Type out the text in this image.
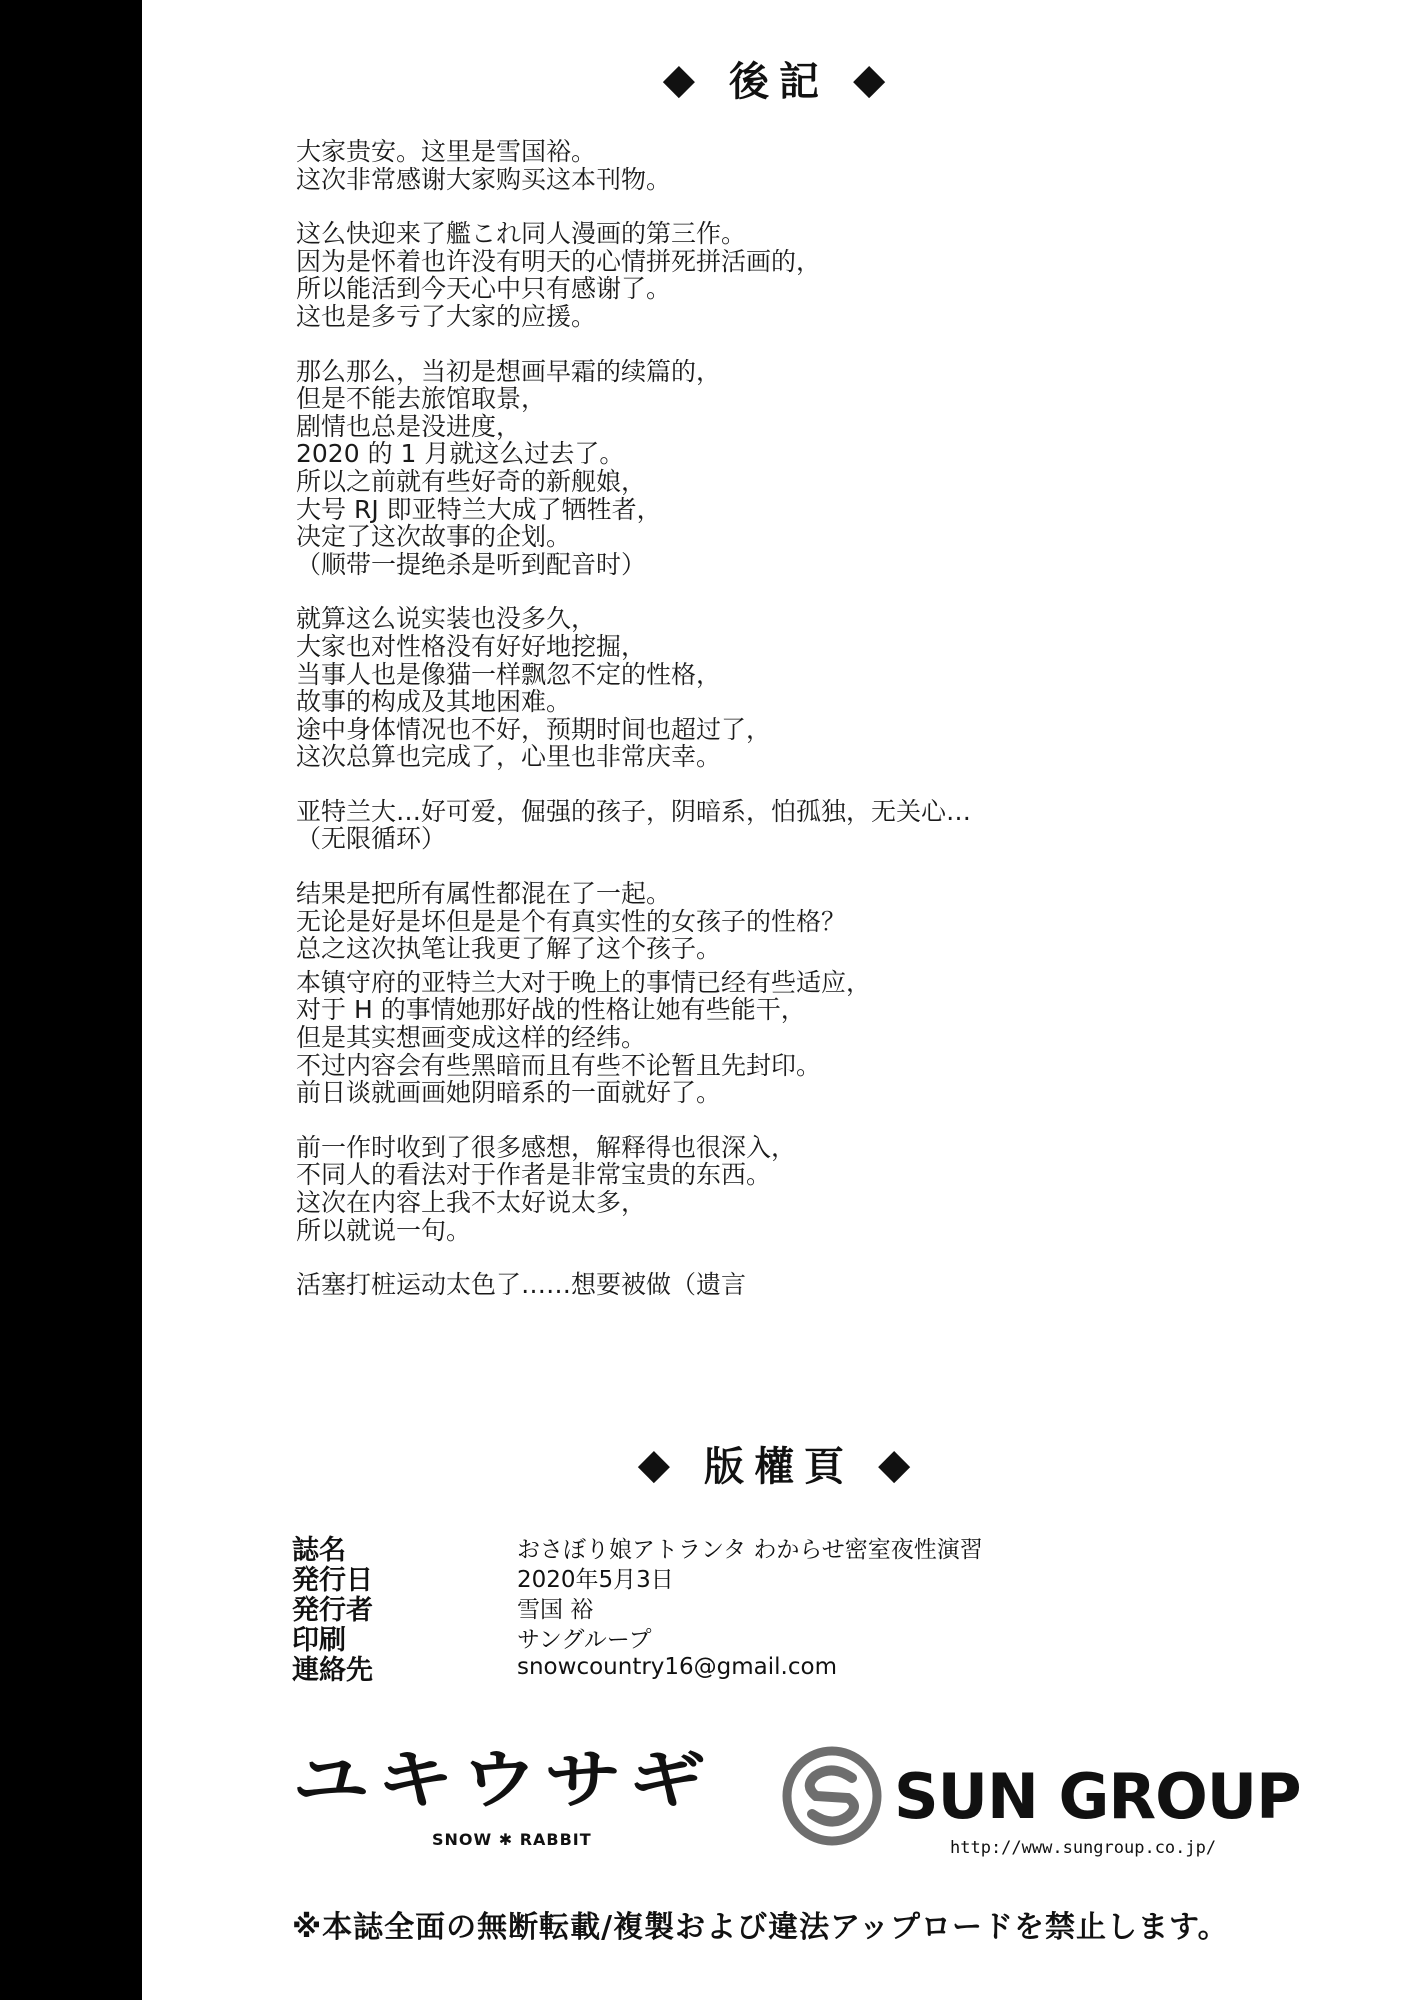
◆ 後記 ◆

大家贵安。这里是雪国裕。
这次非常感谢大家购买这本刊物。

这么快迎来了艦これ同人漫画的第三作。
因为是怀着也许没有明天的心情拼死拼活画的，
所以能活到今天心中只有感谢了。
这也是多亏了大家的应援。

那么那么，当初是想画早霜的续篇的，
但是不能去旅馆取景，
剧情也总是没进度，
2020 的 1 月就这么过去了。
所以之前就有些好奇的新舰娘，
大号 RJ 即亚特兰大成了牺牲者，
决定了这次故事的企划。
（顺带一提绝杀是听到配音时）

就算这么说实装也没多久，
大家也对性格没有好好地挖掘，
当事人也是像猫一样飘忽不定的性格，
故事的构成及其地困难。
途中身体情况也不好，预期时间也超过了，
这次总算也完成了，心里也非常庆幸。

亚特兰大…好可爱，倔强的孩子，阴暗系，怕孤独，无关心…
（无限循环）

结果是把所有属性都混在了一起。
无论是好是坏但是是个有真实性的女孩子的性格？
总之这次执笔让我更了解了这个孩子。

本镇守府的亚特兰大对于晚上的事情已经有些适应，
对于 H 的事情她那好战的性格让她有些能干，
但是其实想画变成这样的经纬。
不过内容会有些黑暗而且有些不论暂且先封印。
前日谈就画画她阴暗系的一面就好了。

前一作时收到了很多感想，解释得也很深入，
不同人的看法对于作者是非常宝贵的东西。
这次在内容上我不太好说太多，
所以就说一句。

活塞打桩运动太色了……想要被做（遗言

◆ 版權頁 ◆
誌名	おさぼり娘アトランタ わからせ密室夜性演習
発行日	2020年5月3日
発行者	雪国 裕
印刷	サングループ
連絡先	snowcountry16@gmail.com
ユキウサギ
SNOW ✱ RABBIT
SUN GROUP
http://www.sungroup.co.jp/
※本誌全面の無断転載/複製および違法アップロードを禁止します。
